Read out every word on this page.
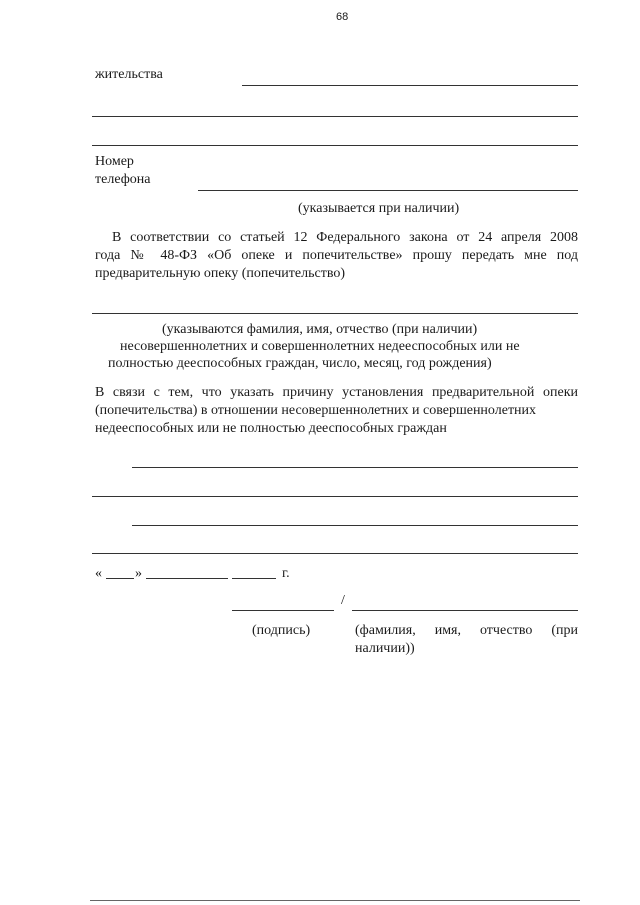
68
жительства
Номер
телефона
(указывается при наличии)
В соответствии со статьей 12 Федерального закона от 24 апреля 2008
года № 48-ФЗ «Об опеке и попечительстве» прошу передать мне под
предварительную опеку (попечительство)
(указываются фамилия, имя, отчество (при наличии)
несовершеннолетних и совершеннолетних недееспособных или не
полностью дееспособных граждан, число, месяц, год рождения)
В связи с тем, что указать причину установления предварительной опеки
(попечительства) в отношении несовершеннолетних и совершеннолетних
недееспособных или не полностью дееспособных граждан
« »	г.
/
(подпись)	(фамилия, имя, отчество (при
наличии))
